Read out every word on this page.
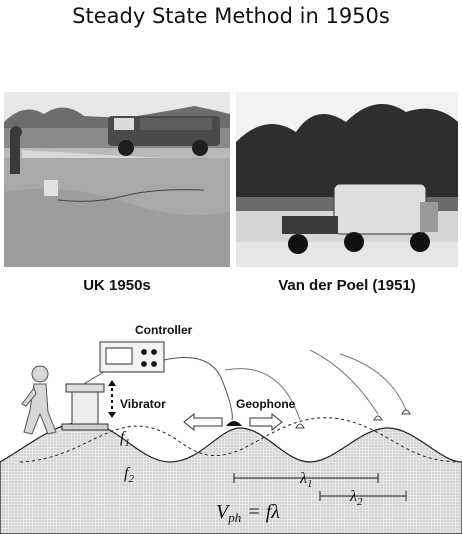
Steady State Method in 1950s
UK 1950s	Van der Poel (1951)
Controller
Vibrator	Geophone
$f_1$
$f_2$	$\lambda_1$
$\lambda_2$
$V_{ph} = f\lambda$
